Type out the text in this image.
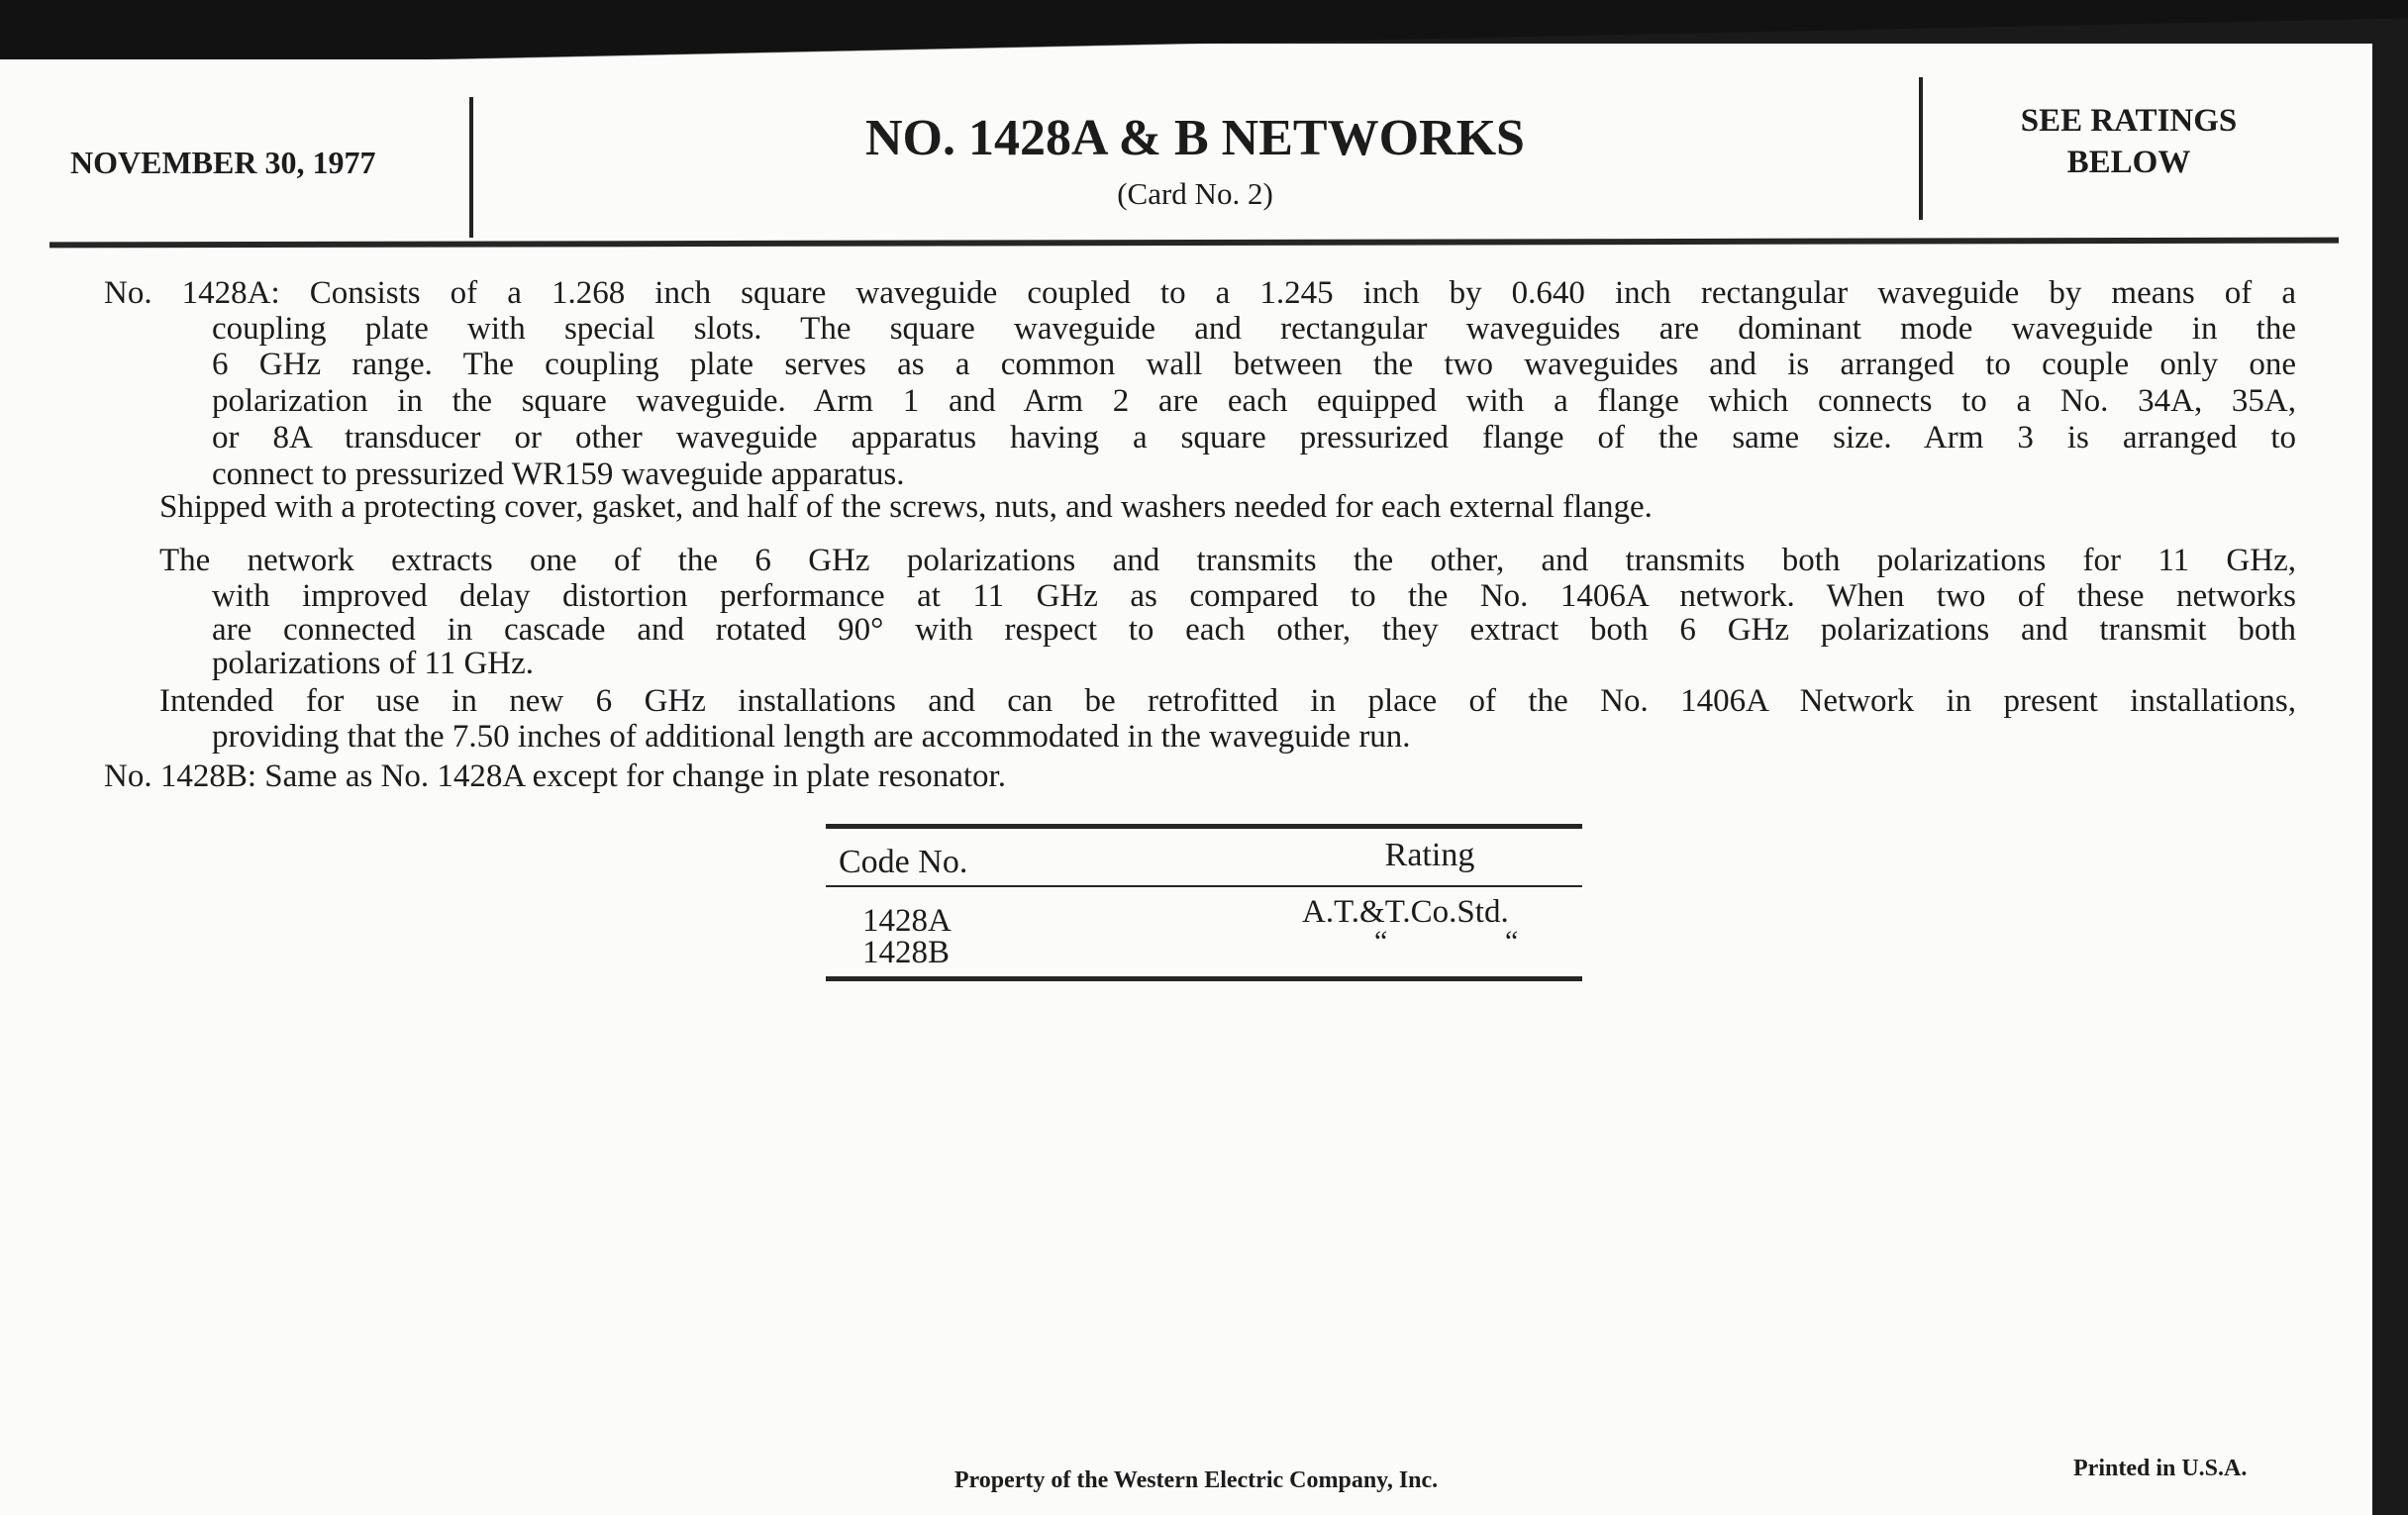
NOVEMBER 30, 1977	NO. 1428A & B NETWORKS
(Card No. 2)
SEE RATINGS
BELOW
No. 1428A: Consists of a 1.268 inch square waveguide coupled to a 1.245 inch by 0.640 inch rectangular waveguide by means of a
coupling plate with special slots. The square waveguide and rectangular waveguides are dominant mode waveguide in the
6 GHz range. The coupling plate serves as a common wall between the two waveguides and is arranged to couple only one
polarization in the square waveguide. Arm 1 and Arm 2 are each equipped with a flange which connects to a No. 34A, 35A,
or 8A transducer or other waveguide apparatus having a square pressurized flange of the same size. Arm 3 is arranged to
connect to pressurized WR159 waveguide apparatus.
Shipped with a protecting cover, gasket, and half of the screws, nuts, and washers needed for each external flange.
The network extracts one of the 6 GHz polarizations and transmits the other, and transmits both polarizations for 11 GHz,
with improved delay distortion performance at 11 GHz as compared to the No. 1406A network. When two of these networks
are connected in cascade and rotated 90° with respect to each other, they extract both 6 GHz polarizations and transmit both
polarizations of 11 GHz.
Intended for use in new 6 GHz installations and can be retrofitted in place of the No. 1406A Network in present installations,
providing that the 7.50 inches of additional length are accommodated in the waveguide run.
No. 1428B: Same as No. 1428A except for change in plate resonator.
Code No.	Rating
1428A	A.T.&T.Co.Std.
1428B	“	“
Property of the Western Electric Company, Inc.	Printed in U.S.A.
